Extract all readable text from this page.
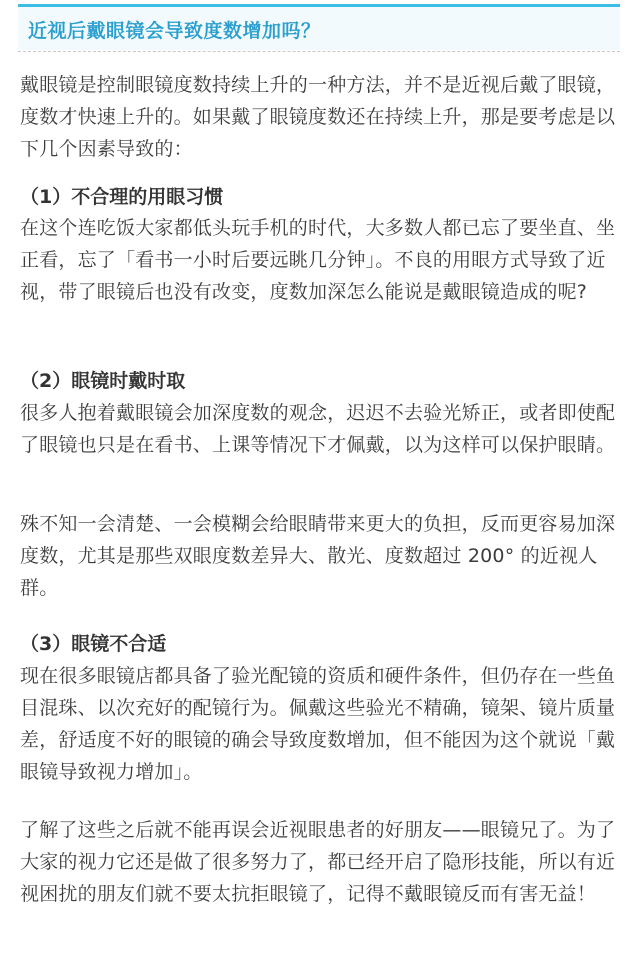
近视后戴眼镜会导致度数增加吗？

戴眼镜是控制眼镜度数持续上升的一种方法，并不是近视后戴了眼镜，度数才快速上升的。如果戴了眼镜度数还在持续上升，那是要考虑是以下几个因素导致的：

（1）不合理的用眼习惯

在这个连吃饭大家都低头玩手机的时代，大多数人都已忘了要坐直、坐正看，忘了「看书一小时后要远眺几分钟」。不良的用眼方式导致了近视，带了眼镜后也没有改变，度数加深怎么能说是戴眼镜造成的呢?

（2）眼镜时戴时取

很多人抱着戴眼镜会加深度数的观念，迟迟不去验光矫正，或者即使配了眼镜也只是在看书、上课等情况下才佩戴，以为这样可以保护眼睛。

殊不知一会清楚、一会模糊会给眼睛带来更大的负担，反而更容易加深度数，尤其是那些双眼度数差异大、散光、度数超过 200° 的近视人群。

（3）眼镜不合适

现在很多眼镜店都具备了验光配镜的资质和硬件条件，但仍存在一些鱼目混珠、以次充好的配镜行为。佩戴这些验光不精确，镜架、镜片质量差，舒适度不好的眼镜的确会导致度数增加，但不能因为这个就说「戴眼镜导致视力增加」。

了解了这些之后就不能再误会近视眼患者的好朋友——眼镜兄了。为了大家的视力它还是做了很多努力了，都已经开启了隐形技能，所以有近视困扰的朋友们就不要太抗拒眼镜了，记得不戴眼镜反而有害无益！
